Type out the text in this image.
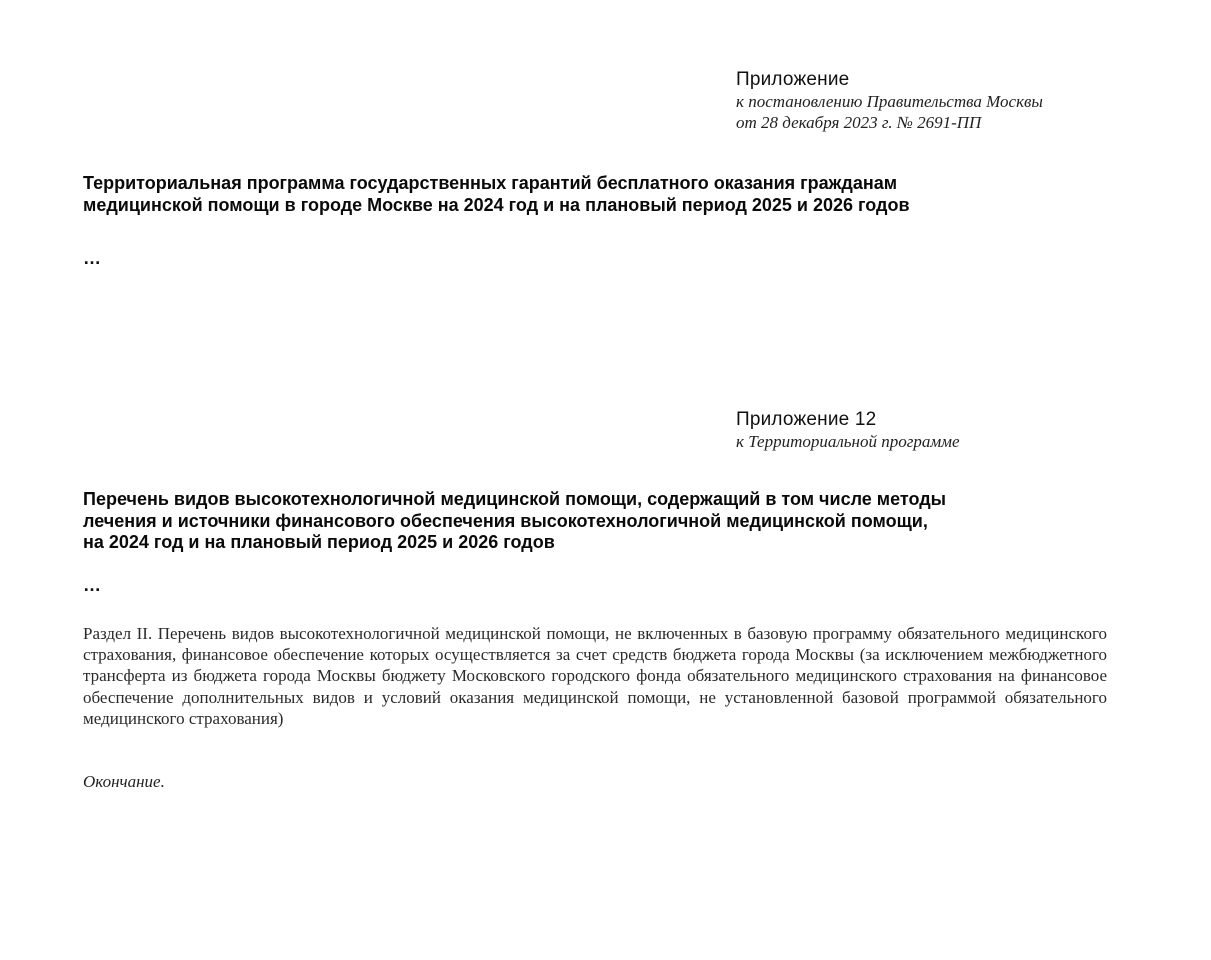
Приложение
к постановлению Правительства Москвы
от 28 декабря 2023 г. № 2691-ПП
Территориальная программа государственных гарантий бесплатного оказания гражданам
медицинской помощи в городе Москве на 2024 год и на плановый период 2025 и 2026 годов
…
Приложение 12
к Территориальной программе
Перечень видов высокотехнологичной медицинской помощи, содержащий в том числе методы
лечения и источники финансового обеспечения высокотехнологичной медицинской помощи,
на 2024 год и на плановый период 2025 и 2026 годов
…

Раздел II. Перечень видов высокотехнологичной медицинской помощи, не включенных в базовую программу обязательного медицинского страхования, финансовое обеспечение которых осуществляется за счет средств бюджета города Москвы (за исключением межбюджетного трансферта из бюджета города Москвы бюджету Московского городского фонда обязательного медицинского страхования на финансовое обеспечение дополнительных видов и условий оказания медицинской помощи, не установленной базовой программой обязательного медицинского страхования)

Окончание.
